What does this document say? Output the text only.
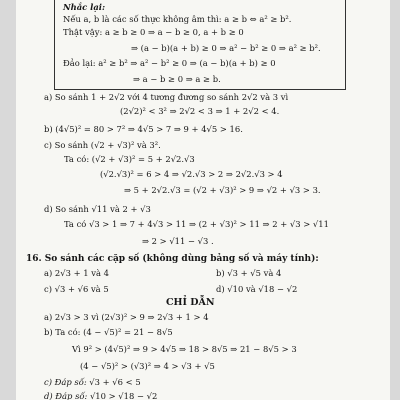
Nhắc lại:
Nếu a, b là các số thực không âm thì: a ≥ b ⇔ a² ≥ b².
Thật vậy: a ≥ b ≥ 0 ⇒ a − b ≥ 0, a + b ≥ 0
⇒ (a − b)(a + b) ≥ 0 ⇒ a² − b² ≥ 0 ⇒ a² ≥ b².
Đảo lại: a² ≥ b² ⇒ a² − b² ≥ 0 ⇒ (a − b)(a + b) ≥ 0
⇒ a − b ≥ 0 ⇒ a ≥ b.
a) So sánh 1 + 2√2 với 4 tương đương so sánh 2√2 và 3 vì
(2√2)² < 3² ⇒ 2√2 < 3 ⇒ 1 + 2√2 < 4.
b) (4√5)² = 80 > 7² ⇒ 4√5 > 7 ⇒ 9 + 4√5 > 16.
c) So sánh (√2 + √3)² và 3².
Ta có: (√2 + √3)² = 5 + 2√2.√3
(√2.√3)² = 6 > 4 ⇒ √2.√3 > 2 ⇒ 2√2.√3 > 4
⇒ 5 + 2√2.√3 = (√2 + √3)² > 9 ⇒ √2 + √3 > 3.
d) So sánh √11 và 2 + √3
Ta có √3 > 1 ⇒ 7 + 4√3 > 11 ⇒ (2 + √3)² > 11 ⇒ 2 + √3 > √11
⇒ 2 > √11 − √3 .
16. So sánh các cặp số (không dùng bảng số và máy tính):
a) 2√3 + 1 và 4	b) √3 + √5 và 4
c) √3 + √6 và 5	d) √10 và √18 − √2
CHỈ DẪN
a) 2√3 > 3 vì (2√3)² > 9 ⇒ 2√3 + 1 > 4
b) Ta có: (4 − √5)² = 21 − 8√5
Vì 9² > (4√5)² ⇒ 9 > 4√5 ⇒ 18 > 8√5 ⇒ 21 − 8√5 > 3
(4 − √5)² > (√3)² ⇒ 4 > √3 + √5
c) Đáp số: √3 + √6 < 5
d) Đáp số: √10 > √18 − √2
